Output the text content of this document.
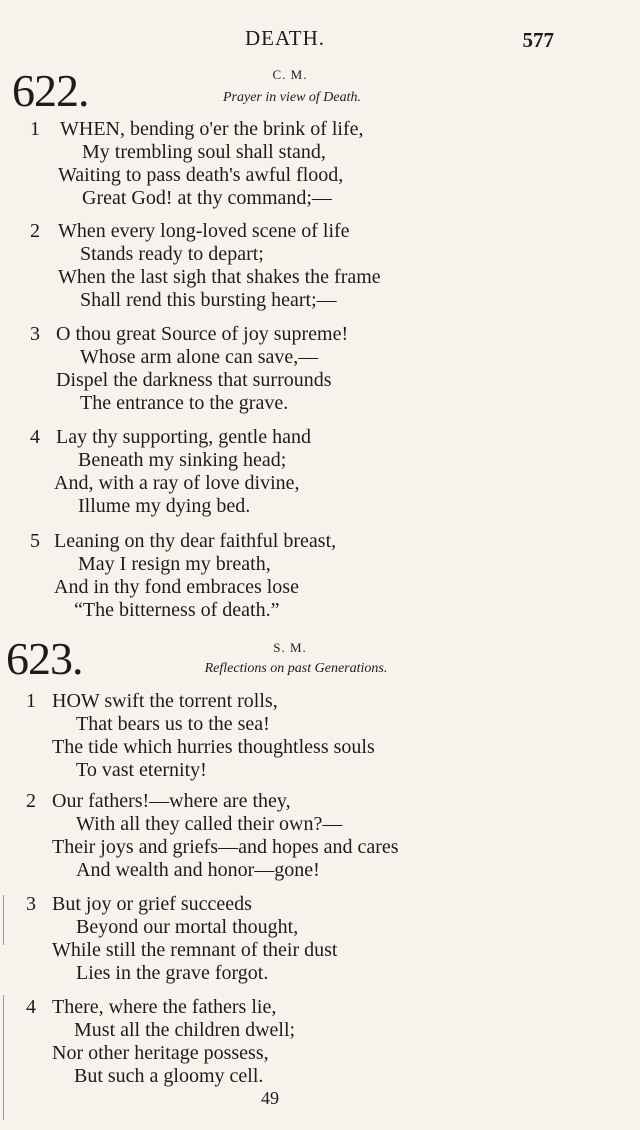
DEATH.	577
622.	C. M.
Prayer in view of Death.
1 WHEN, bending o'er the brink of life,
My trembling soul shall stand,
Waiting to pass death's awful flood,
Great God! at thy command;—
2 When every long-loved scene of life
Stands ready to depart;
When the last sigh that shakes the frame
Shall rend this bursting heart;—
3 O thou great Source of joy supreme!
Whose arm alone can save,—
Dispel the darkness that surrounds
The entrance to the grave.
4 Lay thy supporting, gentle hand
Beneath my sinking head;
And, with a ray of love divine,
Illume my dying bed.
5 Leaning on thy dear faithful breast,
May I resign my breath,
And in thy fond embraces lose
“The bitterness of death.”
623.	S. M.
Reflections on past Generations.
1 HOW swift the torrent rolls,
That bears us to the sea!
The tide which hurries thoughtless souls
To vast eternity!
2 Our fathers!—where are they,
With all they called their own?—
Their joys and griefs—and hopes and cares
And wealth and honor—gone!
3 But joy or grief succeeds
Beyond our mortal thought,
While still the remnant of their dust
Lies in the grave forgot.
4 There, where the fathers lie,
Must all the children dwell;
Nor other heritage possess,
But such a gloomy cell.
49
